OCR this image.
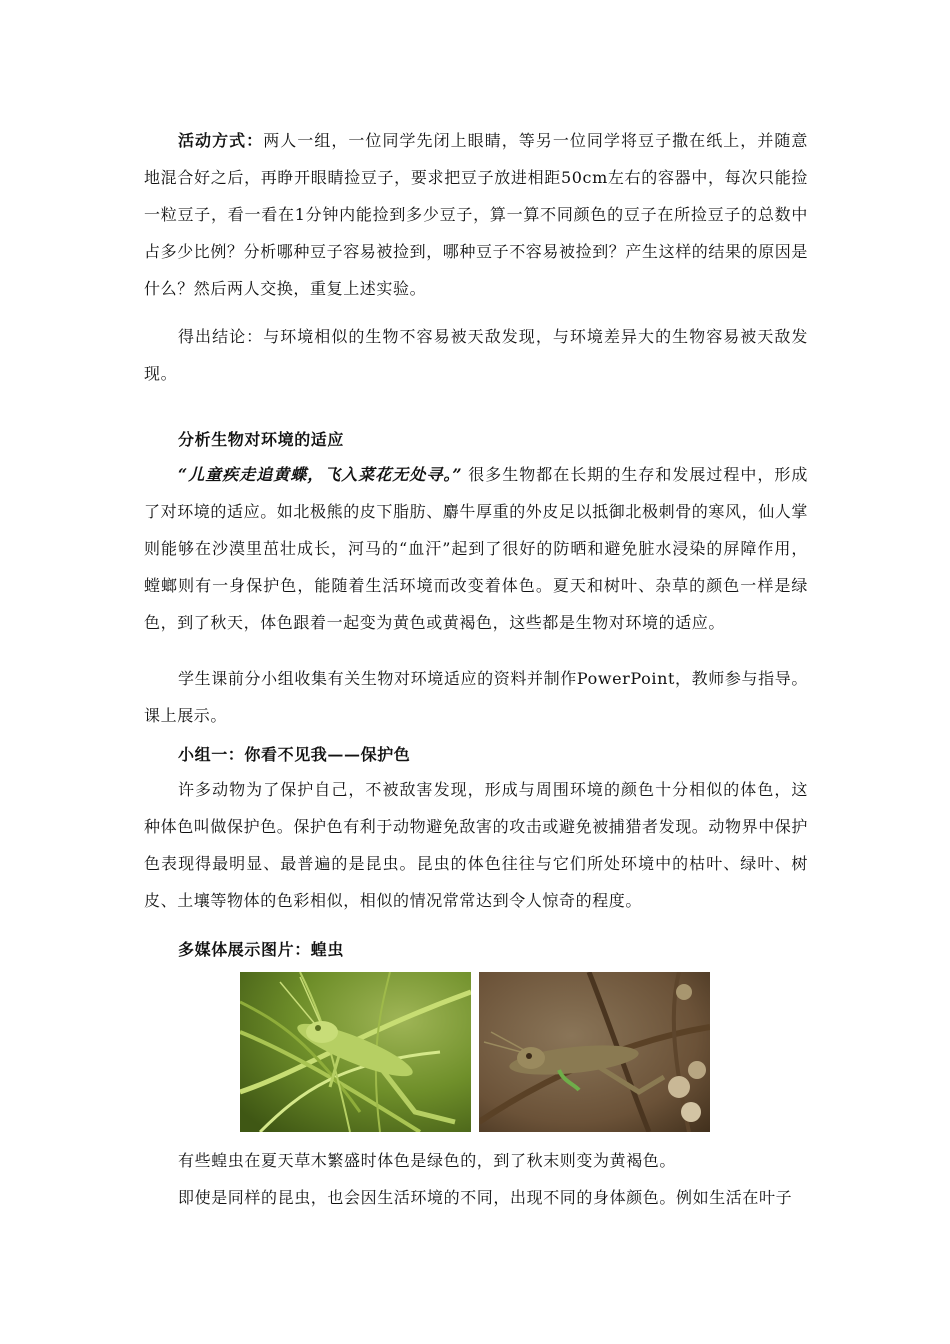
活动方式：两人一组，一位同学先闭上眼睛，等另一位同学将豆子撒在纸上，并随意地混合好之后，再睁开眼睛捡豆子，要求把豆子放进相距50cm左右的容器中，每次只能捡一粒豆子，看一看在1分钟内能捡到多少豆子，算一算不同颜色的豆子在所捡豆子的总数中占多少比例？分析哪种豆子容易被捡到，哪种豆子不容易被捡到？产生这样的结果的原因是什么？然后两人交换，重复上述实验。

得出结论：与环境相似的生物不容易被天敌发现，与环境差异大的生物容易被天敌发现。

分析生物对环境的适应

“儿童疾走追黄蝶，飞入菜花无处寻。” 很多生物都在长期的生存和发展过程中，形成了对环境的适应。如北极熊的皮下脂肪、麝牛厚重的外皮足以抵御北极刺骨的寒风，仙人掌则能够在沙漠里茁壮成长，河马的“血汗”起到了很好的防晒和避免脏水浸染的屏障作用，螳螂则有一身保护色，能随着生活环境而改变着体色。夏天和树叶、杂草的颜色一样是绿色，到了秋天，体色跟着一起变为黄色或黄褐色，这些都是生物对环境的适应。

学生课前分小组收集有关生物对环境适应的资料并制作PowerPoint，教师参与指导。课上展示。

小组一：你看不见我——保护色

许多动物为了保护自己，不被敌害发现，形成与周围环境的颜色十分相似的体色，这种体色叫做保护色。保护色有利于动物避免敌害的攻击或避免被捕猎者发现。动物界中保护色表现得最明显、最普遍的是昆虫。昆虫的体色往往与它们所处环境中的枯叶、绿叶、树皮、土壤等物体的色彩相似，相似的情况常常达到令人惊奇的程度。

多媒体展示图片：蝗虫

有些蝗虫在夏天草木繁盛时体色是绿色的，到了秋末则变为黄褐色。

即使是同样的昆虫，也会因生活环境的不同，出现不同的身体颜色。例如生活在叶子
